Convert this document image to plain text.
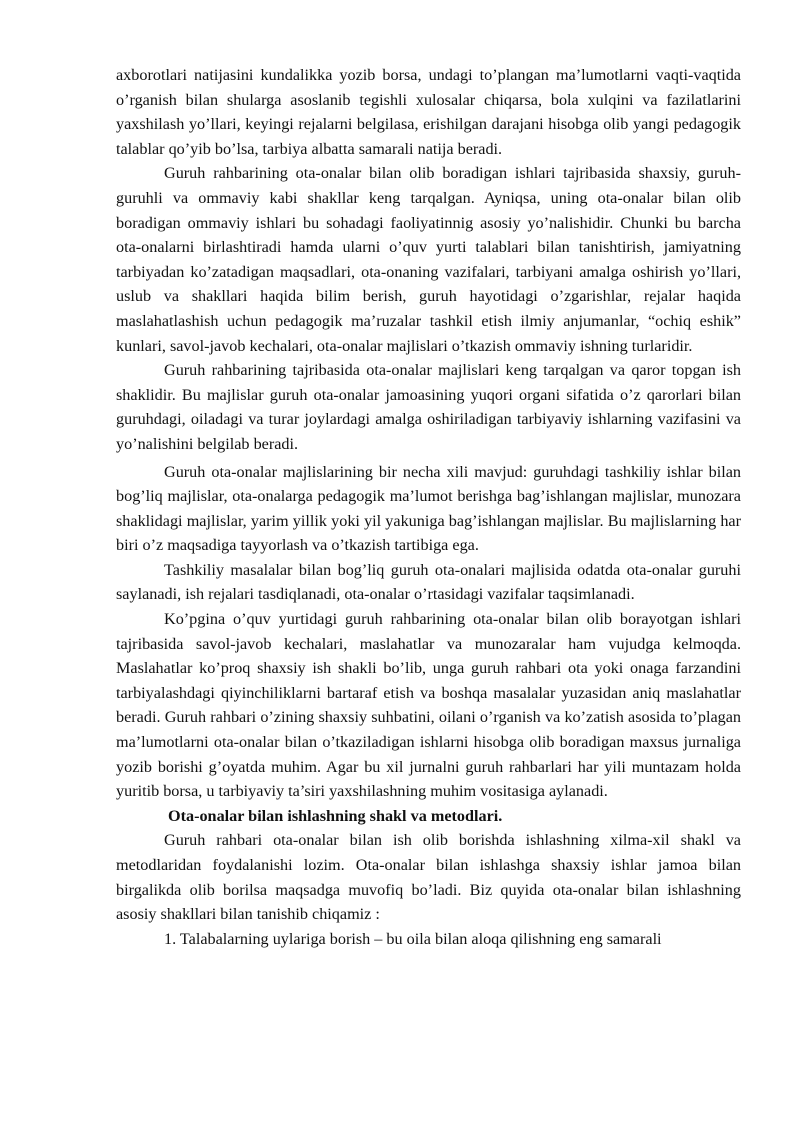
axborotlari natijasini kundalikka yozib borsa, undagi to’plangan ma’lumotlarni vaqti-vaqtida o’rganish bilan shularga asoslanib tegishli xulosalar chiqarsa, bola xulqini va fazilatlarini yaxshilash yo’llari, keyingi rejalarni belgilasa, erishilgan darajani hisobga olib yangi pedagogik talablar qo’yib bo’lsa, tarbiya albatta samarali natija beradi.

Guruh rahbarining ota-onalar bilan olib boradigan ishlari tajribasida shaxsiy, guruh-guruhli va ommaviy kabi shakllar keng tarqalgan. Ayniqsa, uning ota-onalar bilan olib boradigan ommaviy ishlari bu sohadagi faoliyatinnig asosiy yo’nalishidir. Chunki bu barcha ota-onalarni birlashtiradi hamda ularni o’quv yurti talablari bilan tanishtirish, jamiyatning tarbiyadan ko’zatadigan maqsadlari, ota-onaning vazifalari, tarbiyani amalga oshirish yo’llari, uslub va shakllari haqida bilim berish, guruh hayotidagi o’zgarishlar, rejalar haqida maslahatlashish uchun pedagogik ma’ruzalar tashkil etish ilmiy anjumanlar, “ochiq eshik” kunlari, savol-javob kechalari, ota-onalar majlislari o’tkazish ommaviy ishning turlaridir.

Guruh rahbarining tajribasida ota-onalar majlislari keng tarqalgan va qaror topgan ish shaklidir. Bu majlislar guruh ota-onalar jamoasining yuqori organi sifatida o’z qarorlari bilan guruhdagi, oiladagi va turar joylardagi amalga oshiriladigan tarbiyaviy ishlarning vazifasini va yo’nalishini belgilab beradi.

Guruh ota-onalar majlislarining bir necha xili mavjud: guruhdagi tashkiliy ishlar bilan bog’liq majlislar, ota-onalarga pedagogik ma’lumot berishga bag’ishlangan majlislar, munozara shaklidagi majlislar, yarim yillik yoki yil yakuniga bag’ishlangan majlislar. Bu majlislarning har biri o’z maqsadiga tayyorlash va o’tkazish tartibiga ega.

Tashkiliy masalalar bilan bog’liq guruh ota-onalari majlisida odatda ota-onalar guruhi saylanadi, ish rejalari tasdiqlanadi, ota-onalar o’rtasidagi vazifalar taqsimlanadi.

Ko’pgina o’quv yurtidagi guruh rahbarining ota-onalar bilan olib borayotgan ishlari tajribasida savol-javob kechalari, maslahatlar va munozaralar ham vujudga kelmoqda. Maslahatlar ko’proq shaxsiy ish shakli bo’lib, unga guruh rahbari ota yoki onaga farzandini tarbiyalashdagi qiyinchiliklarni bartaraf etish va boshqa masalalar yuzasidan aniq maslahatlar beradi. Guruh rahbari o’zining shaxsiy suhbatini, oilani o’rganish va ko’zatish asosida to’plagan ma’lumotlarni ota-onalar bilan o’tkaziladigan ishlarni hisobga olib boradigan maxsus jurnaliga yozib borishi g’oyatda muhim. Agar bu xil jurnalni guruh rahbarlari har yili muntazam holda yuritib borsa, u tarbiyaviy ta’siri yaxshilashning muhim vositasiga aylanadi.

Ota-onalar bilan ishlashning shakl va metodlari.

Guruh rahbari ota-onalar bilan ish olib borishda ishlashning xilma-xil shakl va metodlaridan foydalanishi lozim. Ota-onalar bilan ishlashga shaxsiy ishlar jamoa bilan birgalikda olib borilsa maqsadga muvofiq bo’ladi. Biz quyida ota-onalar bilan ishlashning asosiy shakllari bilan tanishib chiqamiz :

1. Talabalarning uylariga borish – bu oila bilan aloqa qilishning eng samarali
